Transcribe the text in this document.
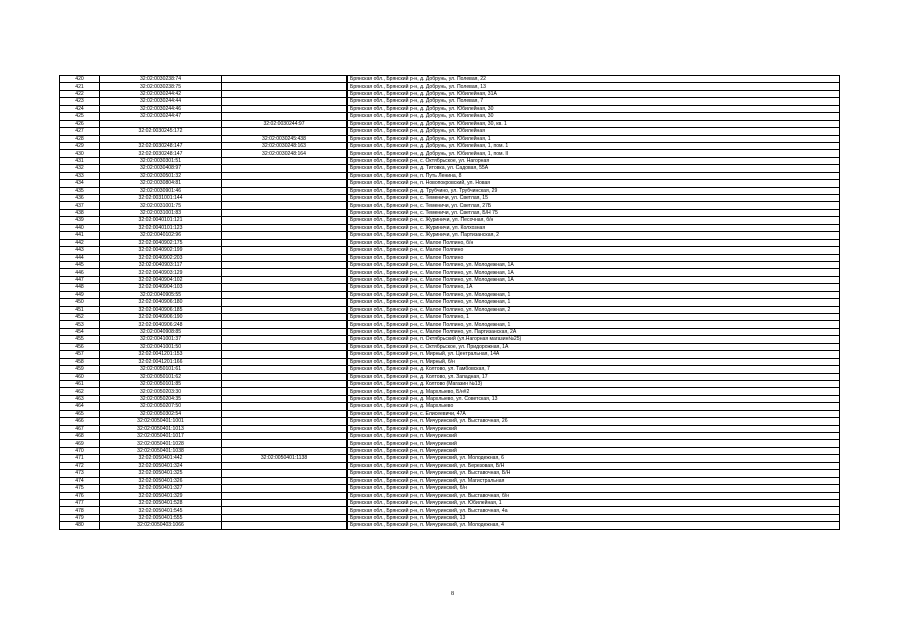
420	32:02:0030238:74			Брянская обл., Брянский р-н, д. Добрунь, ул. Полевая, 22
421	32:02:0030238:75			Брянская обл., Брянский р-н, д. Добрунь, ул. Полевая, 13
422	32:02:0030244:42			Брянская обл., Брянский р-н, д. Добрунь, ул. Юбилейная, 31А
423	32:02:0030244:44			Брянская обл., Брянский р-н, д. Добрунь, ул. Полевая, 7
424	32:02:0030244:46			Брянская обл., Брянский р-н, д. Добрунь, ул. Юбилейная, 30
425	32:02:0030244:47			Брянская обл., Брянский р-н, д. Добрунь, ул. Юбилейная, 30
426		32:02:0030244:97		Брянская обл., Брянский р-н, д. Добрунь, ул. Юбилейная, 30, кв. 1
427	32:02:0030245:172			Брянская обл., Брянский р-н, д. Добрунь, ул. Юбилейная
428		32:02:0030245:438		Брянская обл., Брянский р-н, д. Добрунь, ул. Юбилейная, 1
429	32:02:0030248:147	32:02:0030248:163		Брянская обл., Брянский р-н, д. Добрунь, ул. Юбилейная, 1, пом. 1
430	32:02:0030248:147	32:02:0030248:164		Брянская обл., Брянский р-н, д. Добрунь, ул. Юбилейная, 1, пом. II
431	32:02:0030301:51			Брянская обл., Брянский р-н, с. Октябрьское, ул. Нагорная
432	32:02:0030408:97			Брянская обл., Брянский р-н, д. Титовка, ул. Садовая, 55А
433	32:02:0030501:32			Брянская обл., Брянский р-н, п. Путь Ленина, 8
434	32:02:0030804:81			Брянская обл., Брянский р-н, п. Новопокровский, ул. Новая
435	32:02:0030901:46			Брянская обл., Брянский р-н, д. Трубчино, ул. Трубчинская, 29
436	32:02:0031001:144			Брянская обл., Брянский р-н, с. Теменичи, ул. Светлая, 15
437	32:02:0031001:75			Брянская обл., Брянский р-н, с. Теменичи, ул. Светлая, 27Б
438	32:02:0031001:83			Брянская обл., Брянский р-н, с. Теменичи, ул. Светлая, Б/Н 75
439	32:02:0040101:121			Брянская обл., Брянский р-н, с. Журиничи, ул. Песочная, б/н
440	32:02:0040101:123			Брянская обл., Брянский р-н, с. Журиничи, ул. Колхозная
441	32:02:0040102:96			Брянская обл., Брянский р-н, с. Журиничи, ул. Партизанская, 2
442	32:02:0040902:175			Брянская обл., Брянский р-н, с. Малое Полпино, б/н
443	32:02:0040902:199			Брянская обл., Брянский р-н, с. Малое Полпино
444	32:02:0040902:203			Брянская обл., Брянский р-н, с. Малое Полпино
445	32:02:0040903:117			Брянская обл., Брянский р-н, с. Малое Полпино, ул. Молодежная, 1А
446	32:02:0040903:129			Брянская обл., Брянский р-н, с. Малое Полпино, ул. Молодежная, 1А
447	32:02:0040904:102			Брянская обл., Брянский р-н, с. Малое Полпино, ул. Молодежная, 1А
448	32:02:0040904:103			Брянская обл., Брянский р-н, с. Малое Полпино, 1А
449	32:02:0040905:55			Брянская обл., Брянский р-н, с. Малое Полпино, ул. Молодежная, 1
450	32:02:0040906:180			Брянская обл., Брянский р-н, с. Малое Полпино, ул. Молодежная, 1
451	32:02:0040906:185			Брянская обл., Брянский р-н, с. Малое Полпино, ул. Молодежная, 2
452	32:02:0040906:190			Брянская обл., Брянский р-н, с. Малое Полпино, 1
453	32:02:0040906:248			Брянская обл., Брянский р-н, с. Малое Полпино, ул. Молодежная, 1
454	32:02:0040908:85			Брянская обл., Брянский р-н, с. Малое Полпино, ул. Партизанская, 2А
455	32:02:0041001:37			Брянская обл., Брянский р-н, п. Октябрьский (ул.Нагорная магазин№25)
456	32:02:0041001:50			Брянская обл., Брянский р-н, с. Октябрьское, ул. Придорожная, 1А
457	32:02:0041201:153			Брянская обл., Брянский р-н, п. Мирный, ул. Центральная, 14А
458	32:02:0041201:166			Брянская обл., Брянский р-н, п. Мирный, б/н
459	32:02:0050101:61			Брянская обл., Брянский р-н, д. Колтово, ул. Тамбовская, 7
460	32:02:0050101:62			Брянская обл., Брянский р-н, д. Колтово, ул. Западная, 17
461	32:02:0050101:85			Брянская обл., Брянский р-н, д. Колтово (Магазин №13)
462	32:02:0050203:30			Брянская обл., Брянский р-н, д. Мархлыево, Б/н#2
463	32:02:0050204:35			Брянская обл., Брянский р-н, д. Мархлыево, ул. Советская, 13
464	32:02:0050207:50			Брянская обл., Брянский р-н, д. Мархлыево
465	32:02:0050302:54			Брянская обл., Брянский р-н, с. Елисеевичи, 47А
466	32:02:0050401:1001			Брянская обл., Брянский р-н, п. Мичуринский, ул. Выставочная, 26
467	32:02:0050401:1013			Брянская обл., Брянский р-н, п. Мичуринский
468	32:02:0050401:1017			Брянская обл., Брянский р-н, п. Мичуринский
469	32:02:0050401:1028			Брянская обл., Брянский р-н, п. Мичуринский
470	32:02:0050401:1038			Брянская обл., Брянский р-н, п. Мичуринский
471	32:02:0050401:442	32:02:0050401:1138		Брянская обл., Брянский р-н, п. Мичуринский, ул. Молодежная, 6
472	32:02:0050401:324			Брянская обл., Брянский р-н, п. Мичуринский, ул. Березовая, Б/Н
473	32:02:0050401:325			Брянская обл., Брянский р-н, п. Мичуринский, ул. Выставочная, Б/Н
474	32:02:0050401:326			Брянская обл., Брянский р-н, п. Мичуринский, ул. Магистральная
475	32:02:0050401:327			Брянская обл., Брянский р-н, п. Мичуринский, б/н
476	32:02:0050401:329			Брянская обл., Брянский р-н, п. Мичуринский, ул. Выставочная, б/н
477	32:02:0050401:528			Брянская обл., Брянский р-н, п. Мичуринский, ул. Юбилейная, 1
478	32:02:0050401:545			Брянская обл., Брянский р-н, п. Мичуринский, ул. Выставочная, 4а
479	32:02:0050401:555			Брянская обл., Брянский р-н, п. Мичуринский, 13
480	32:02:0050403:1066			Брянская обл., Брянский р-н, п. Мичуринский, ул. Молодежная, 4
8
